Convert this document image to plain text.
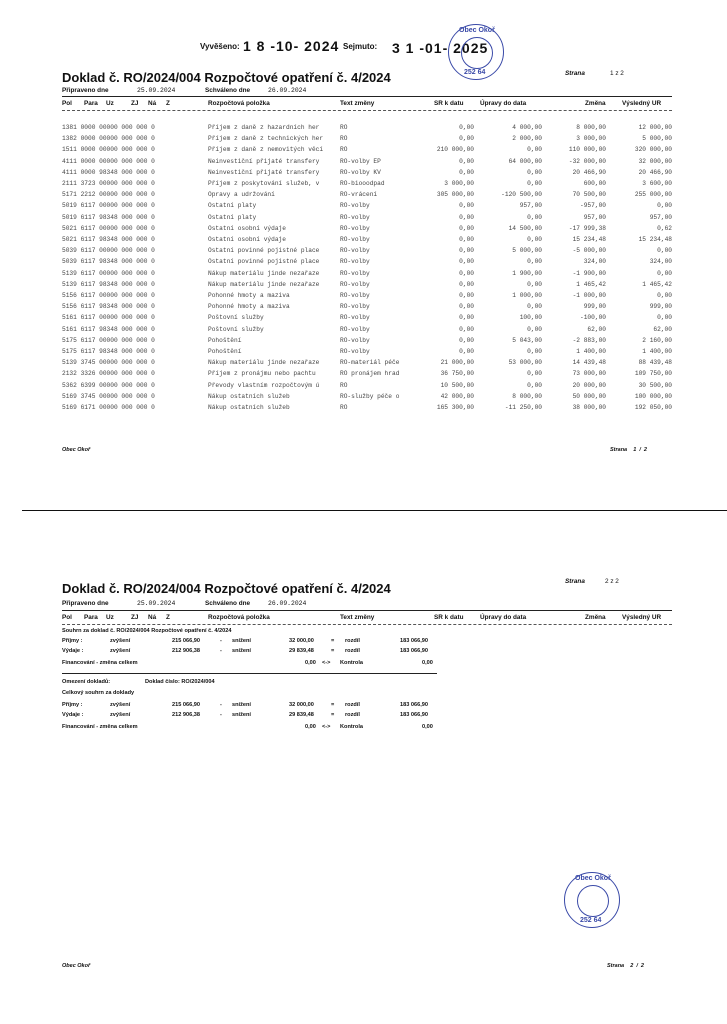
Vyvěšeno: 1 8 -10- 2024 Sejmuto: 3 1 -01- 2025
Obec Okoř
252 64
Doklad č. RO/2024/004 Rozpočtové opatření č. 4/2024	Strana	1 z 2
Připraveno dne	25.09.2024	Schváleno dne	26.09.2024
Pol Para Uz	ZJ Ná Z	Rozpočtová položka	Text změny	SR k datu	Úpravy do data	Změna	Výsledný UR
1381 0000 00000 000 000 0	Příjem z daně z hazardních her	RO	0,00	4 000,00	8 000,00	12 000,00
1382 0000 00000 000 000 0	Příjem z daně z technických her	RO	0,00	2 000,00	3 000,00	5 000,00
1511 0000 00000 000 000 0	Příjem z daně z nemovitých věcí	RO	210 000,00	0,00	110 000,00	320 000,00
4111 0000 00000 000 000 0	Neinvestiční přijaté transfery	RO-volby EP	0,00	64 000,00	-32 000,00	32 000,00
4111 0000 98348 000 000 0	Neinvestiční přijaté transfery	RO-volby KV	0,00	0,00	20 466,90	20 466,90
2111 3723 00000 000 000 0	Příjem z poskytování služeb, v	RO-biooodpad	3 000,00	0,00	600,00	3 600,00
5171 2212 00000 000 000 0	Opravy a udržování	RO-vrácení	305 000,00	-120 500,00	70 500,00	255 000,00
5019 6117 00000 000 000 0	Ostatní platy	RO-volby	0,00	957,00	-957,00	0,00
5019 6117 98348 000 000 0	Ostatní platy	RO-volby	0,00	0,00	957,00	957,00
5021 6117 00000 000 000 0	Ostatní osobní výdaje	RO-volby	0,00	14 500,00	-17 999,38	0,62
5021 6117 98348 000 000 0	Ostatní osobní výdaje	RO-volby	0,00	0,00	15 234,48	15 234,48
5039 6117 00000 000 000 0	Ostatní povinné pojistné place	RO-volby	0,00	5 000,00	-5 000,00	0,00
5039 6117 98348 000 000 0	Ostatní povinné pojistné place	RO-volby	0,00	0,00	324,00	324,00
5139 6117 00000 000 000 0	Nákup materiálu jinde nezařaze	RO-volby	0,00	1 900,00	-1 900,00	0,00
5139 6117 98348 000 000 0	Nákup materiálu jinde nezařaze	RO-volby	0,00	0,00	1 465,42	1 465,42
5156 6117 00000 000 000 0	Pohonné hmoty a maziva	RO-volby	0,00	1 000,00	-1 000,00	0,00
5156 6117 98348 000 000 0	Pohonné hmoty a maziva	RO-volby	0,00	0,00	999,00	999,00
5161 6117 00000 000 000 0	Poštovní služby	RO-volby	0,00	100,00	-100,00	0,00
5161 6117 98348 000 000 0	Poštovní služby	RO-volby	0,00	0,00	62,00	62,00
5175 6117 00000 000 000 0	Pohoštění	RO-volby	0,00	5 043,00	-2 883,00	2 160,00
5175 6117 98348 000 000 0	Pohoštění	RO-volby	0,00	0,00	1 400,00	1 400,00
5139 3745 00000 000 000 0	Nákup materiálu jinde nezařaze	RO-materiál péče	21 000,00	53 000,00	14 439,48	88 439,48
2132 3326 00000 000 000 0	Příjem z pronájmu nebo pachtu	RO pronájem hrad	36 750,00	0,00	73 000,00	109 750,00
5362 6399 00000 000 000 0	Převody vlastním rozpočtovým ú	RO	10 500,00	0,00	20 000,00	30 500,00
5169 3745 00000 000 000 0	Nákup ostatních služeb	RO-služby péče o	42 000,00	8 000,00	50 000,00	100 000,00
5169 6171 00000 000 000 0	Nákup ostatních služeb	RO	165 300,00	-11 250,00	38 000,00	192 050,00
Obec Okoř	Strana    1  /  2
Doklad č. RO/2024/004 Rozpočtové opatření č. 4/2024	Strana	2 z 2
Připraveno dne	25.09.2024	Schváleno dne	26.09.2024
Pol Para Uz	ZJ Ná Z	Rozpočtová položka	Text změny	SR k datu	Úpravy do data	Změna	Výsledný UR
Souhrn za doklad č. RO/2024/004 Rozpočtové opatření č. 4/2024
Příjmy :	zvýšení	215 066,90	- snížení	32 000,00	= rozdíl	183 066,90
Výdaje :	zvýšení	212 906,38	- snížení	29 839,48	= rozdíl	183 066,90
Financování - změna celkem	0,00 <-> Kontrola	0,00
Omezení dokladů:	Doklad číslo: RO/2024/004
Celkový souhrn za doklady
Příjmy :	zvýšení	215 066,90	- snížení	32 000,00	= rozdíl	183 066,90
Výdaje :	zvýšení	212 906,38	- snížení	29 839,48	= rozdíl	183 066,90
Financování - změna celkem	0,00 <-> Kontrola	0,00
Obec Okoř
252 64
Obec Okoř	Strana    2  /  2
